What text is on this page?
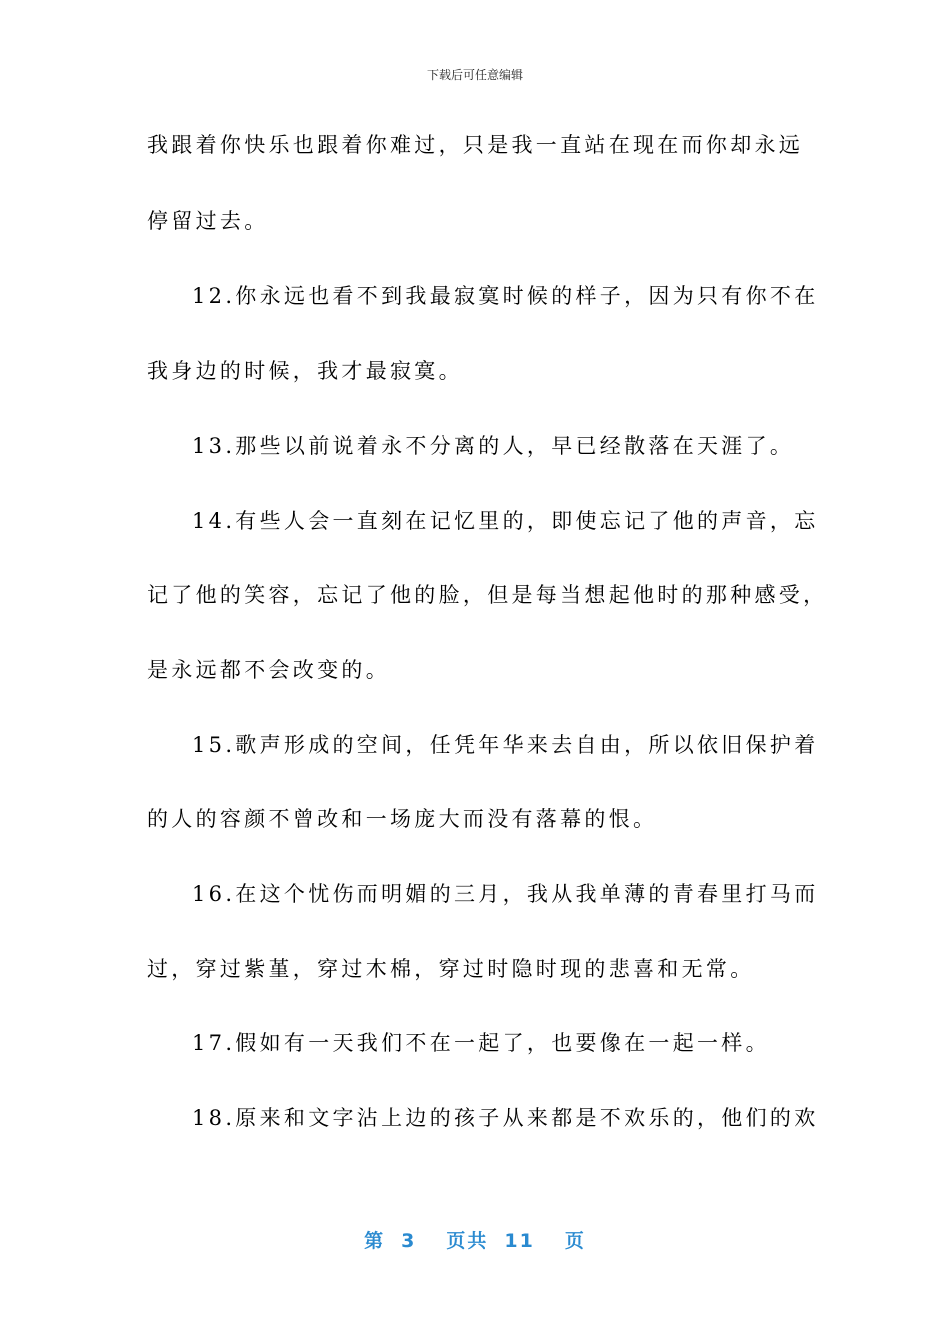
下载后可任意编辑
我跟着你快乐也跟着你难过，只是我一直站在现在而你却永远
停留过去。
12.你永远也看不到我最寂寞时候的样子，因为只有你不在
我身边的时候，我才最寂寞。
13.那些以前说着永不分离的人，早已经散落在天涯了。
14.有些人会一直刻在记忆里的，即使忘记了他的声音，忘
记了他的笑容，忘记了他的脸，但是每当想起他时的那种感受，
是永远都不会改变的。
15.歌声形成的空间，任凭年华来去自由，所以依旧保护着
的人的容颜不曾改和一场庞大而没有落幕的恨。
16.在这个忧伤而明媚的三月，我从我单薄的青春里打马而
过，穿过紫堇，穿过木棉，穿过时隐时现的悲喜和无常。
17.假如有一天我们不在一起了，也要像在一起一样。
18.原来和文字沾上边的孩子从来都是不欢乐的，他们的欢
第 3 页共 11 页
